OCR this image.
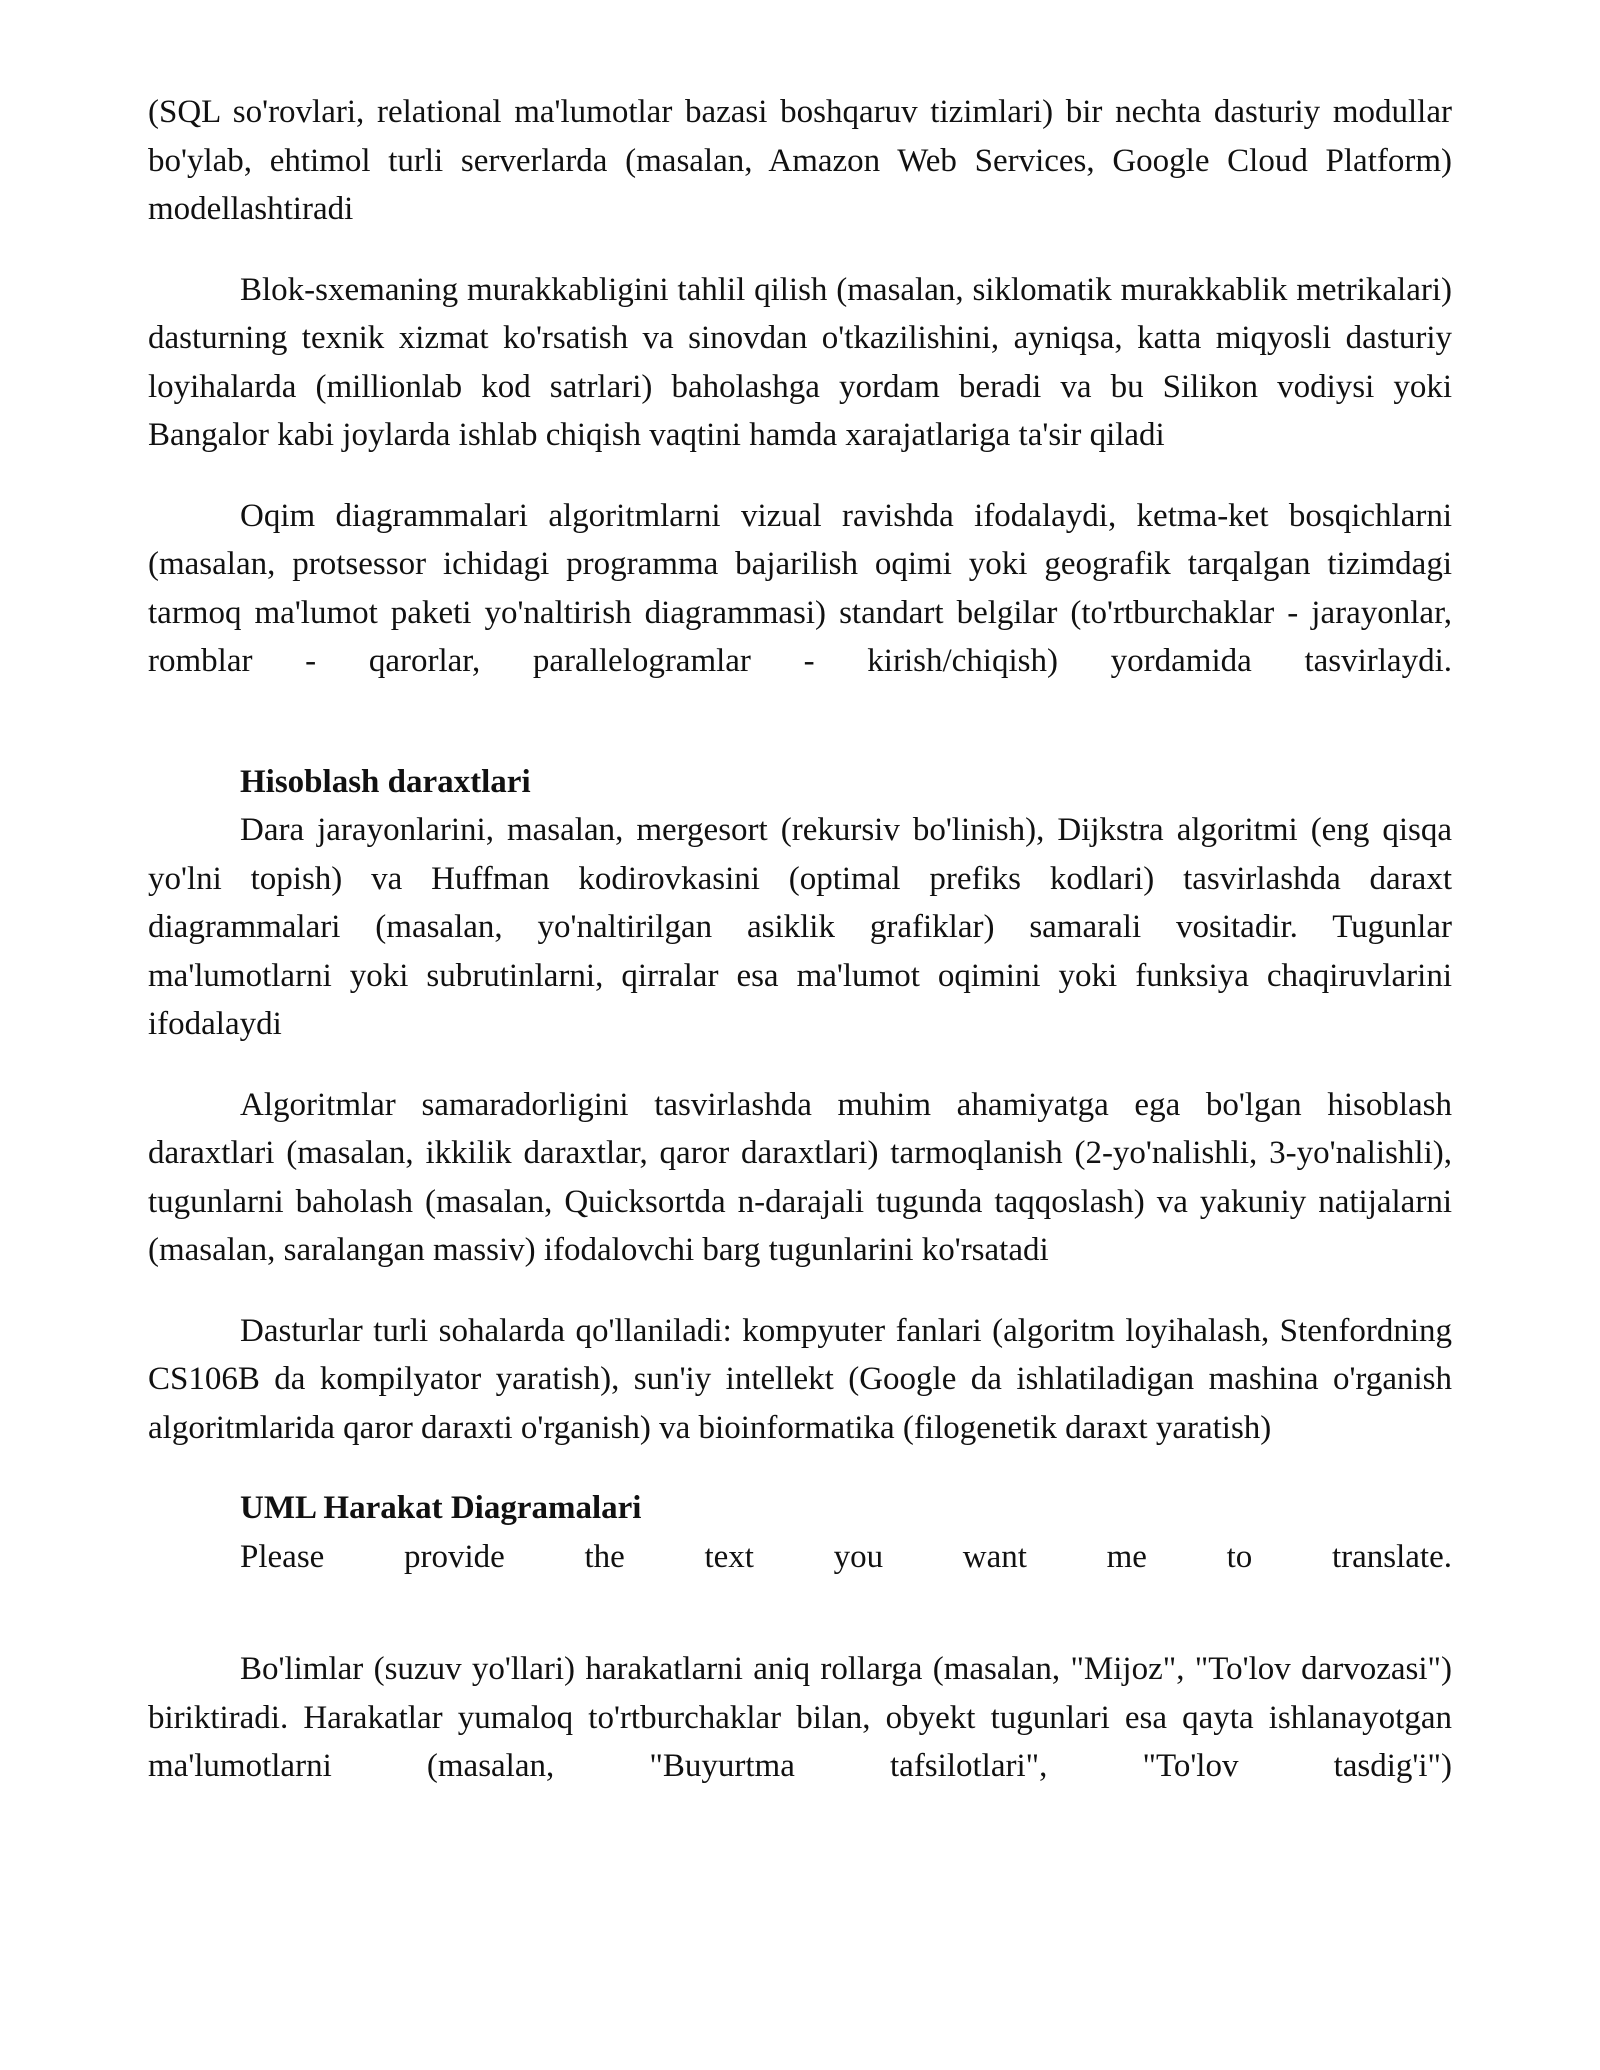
(SQL so'rovlari, relational ma'lumotlar bazasi boshqaruv tizimlari) bir nechta dasturiy modullar bo'ylab, ehtimol turli serverlarda (masalan, Amazon Web Services, Google Cloud Platform) modellashtiradi

Blok-sxemaning murakkabligini tahlil qilish (masalan, siklomatik murakkablik metrikalari) dasturning texnik xizmat ko'rsatish va sinovdan o'tkazilishini, ayniqsa, katta miqyosli dasturiy loyihalarda (millionlab kod satrlari) baholashga yordam beradi va bu Silikon vodiysi yoki Bangalor kabi joylarda ishlab chiqish vaqtini hamda xarajatlariga ta'sir qiladi

Oqim diagrammalari algoritmlarni vizual ravishda ifodalaydi, ketma-ket bosqichlarni (masalan, protsessor ichidagi programma bajarilish oqimi yoki geografik tarqalgan tizimdagi tarmoq ma'lumot paketi yo'naltirish diagrammasi) standart belgilar (to'rtburchaklar - jarayonlar, romblar - qarorlar, parallelogramlar - kirish/chiqish) yordamida tasvirlaydi.

Hisoblash daraxtlari

Dara jarayonlarini, masalan, mergesort (rekursiv bo'linish), Dijkstra algoritmi (eng qisqa yo'lni topish) va Huffman kodirovkasini (optimal prefiks kodlari) tasvirlashda daraxt diagrammalari (masalan, yo'naltirilgan asiklik grafiklar) samarali vositadir. Tugunlar ma'lumotlarni yoki subrutinlarni, qirralar esa ma'lumot oqimini yoki funksiya chaqiruvlarini ifodalaydi

Algoritmlar samaradorligini tasvirlashda muhim ahamiyatga ega bo'lgan hisoblash daraxtlari (masalan, ikkilik daraxtlar, qaror daraxtlari) tarmoqlanish (2-yo'nalishli, 3-yo'nalishli), tugunlarni baholash (masalan, Quicksortda n-darajali tugunda taqqoslash) va yakuniy natijalarni (masalan, saralangan massiv) ifodalovchi barg tugunlarini ko'rsatadi

Dasturlar turli sohalarda qo'llaniladi: kompyuter fanlari (algoritm loyihalash, Stenfordning CS106B da kompilyator yaratish), sun'iy intellekt (Google da ishlatiladigan mashina o'rganish algoritmlarida qaror daraxti o'rganish) va bioinformatika (filogenetik daraxt yaratish)

UML Harakat Diagramalari

Please provide the text you want me to translate.

Bo'limlar (suzuv yo'llari) harakatlarni aniq rollarga (masalan, "Mijoz", "To'lov darvozasi") biriktiradi. Harakatlar yumaloq to'rtburchaklar bilan, obyekt tugunlari esa qayta ishlanayotgan ma'lumotlarni (masalan, "Buyurtma tafsilotlari", "To'lov tasdig'i")
